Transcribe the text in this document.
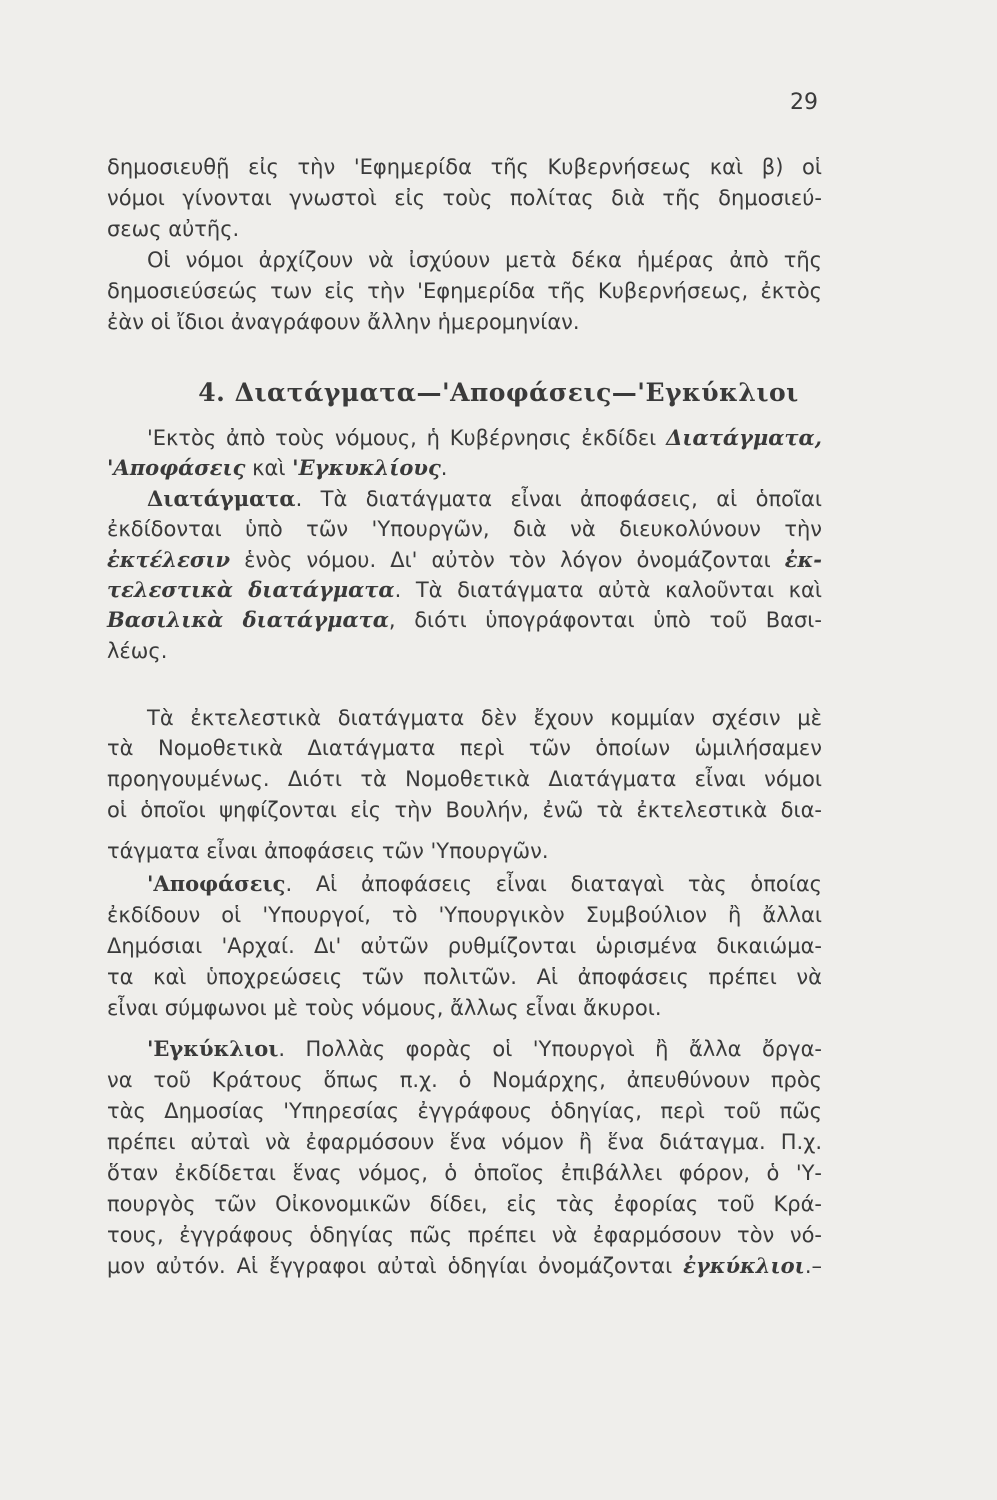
29
4. Διατάγματα—'Αποφάσεις—'Εγκύκλιοι
δημοσιευθῇ εἰς τὴν 'Εφημερίδα τῆς Κυβερνήσεως καὶ β) οἱ
νόμοι γίνονται γνωστοὶ εἰς τοὺς πολίτας διὰ τῆς δημοσιεύ-
σεως αὐτῆς.
Οἱ νόμοι ἀρχίζουν νὰ ἰσχύουν μετὰ δέκα ἡμέρας ἀπὸ τῆς
δημοσιεύσεώς των εἰς τὴν 'Εφημερίδα τῆς Κυβερνήσεως, ἐκτὸς
ἐὰν οἱ ἴδιοι ἀναγράφουν ἄλλην ἡμερομηνίαν.
'Εκτὸς ἀπὸ τοὺς νόμους, ἡ Κυβέρνησις ἐκδίδει Διατάγματα,
'Αποφάσεις καὶ 'Εγκυκλίους.
Διατάγματα. Τὰ διατάγματα εἶναι ἀποφάσεις, αἱ ὁποῖαι
ἐκδίδονται ὑπὸ τῶν 'Υπουργῶν, διὰ νὰ διευκολύνουν τὴν
ἐκτέλεσιν ἑνὸς νόμου. Δι' αὐτὸν τὸν λόγον ὀνομάζονται ἐκ-
τελεστικὰ διατάγματα. Τὰ διατάγματα αὐτὰ καλοῦνται καὶ
Βασιλικὰ διατάγματα, διότι ὑπογράφονται ὑπὸ τοῦ Βασι-
λέως.
Τὰ ἐκτελεστικὰ διατάγματα δὲν ἔχουν κομμίαν σχέσιν μὲ
τὰ Νομοθετικὰ Διατάγματα περὶ τῶν ὁποίων ὡμιλήσαμεν
προηγουμένως. Διότι τὰ Νομοθετικὰ Διατάγματα εἶναι νόμοι
οἱ ὁποῖοι ψηφίζονται εἰς τὴν Βουλήν, ἐνῶ τὰ ἐκτελεστικὰ δια-
τάγματα εἶναι ἀποφάσεις τῶν 'Υπουργῶν.
'Αποφάσεις. Αἱ ἀποφάσεις εἶναι διαταγαὶ τὰς ὁποίας
ἐκδίδουν οἱ 'Υπουργοί, τὸ 'Υπουργικὸν Συμβούλιον ἢ ἄλλαι
Δημόσιαι 'Αρχαί. Δι' αὐτῶν ρυθμίζονται ὡρισμένα δικαιώμα-
τα καὶ ὑποχρεώσεις τῶν πολιτῶν. Αἱ ἀποφάσεις πρέπει νὰ
εἶναι σύμφωνοι μὲ τοὺς νόμους, ἄλλως εἶναι ἄκυροι.
'Εγκύκλιοι. Πολλὰς φορὰς οἱ 'Υπουργοὶ ἢ ἄλλα ὄργα-
να τοῦ Κράτους ὅπως π.χ. ὁ Νομάρχης, ἀπευθύνουν πρὸς
τὰς Δημοσίας 'Υπηρεσίας ἐγγράφους ὁδηγίας, περὶ τοῦ πῶς
πρέπει αὐταὶ νὰ ἐφαρμόσουν ἕνα νόμον ἢ ἕνα διάταγμα. Π.χ.
ὅταν ἐκδίδεται ἕνας νόμος, ὁ ὁποῖος ἐπιβάλλει φόρον, ὁ 'Υ-
πουργὸς τῶν Οἰκονομικῶν δίδει, εἰς τὰς ἐφορίας τοῦ Κρά-
τους, ἐγγράφους ὁδηγίας πῶς πρέπει νὰ ἐφαρμόσουν τὸν νό-
μον αὐτόν. Αἱ ἔγγραφοι αὐταὶ ὁδηγίαι ὀνομάζονται ἐγκύκλιοι.–
